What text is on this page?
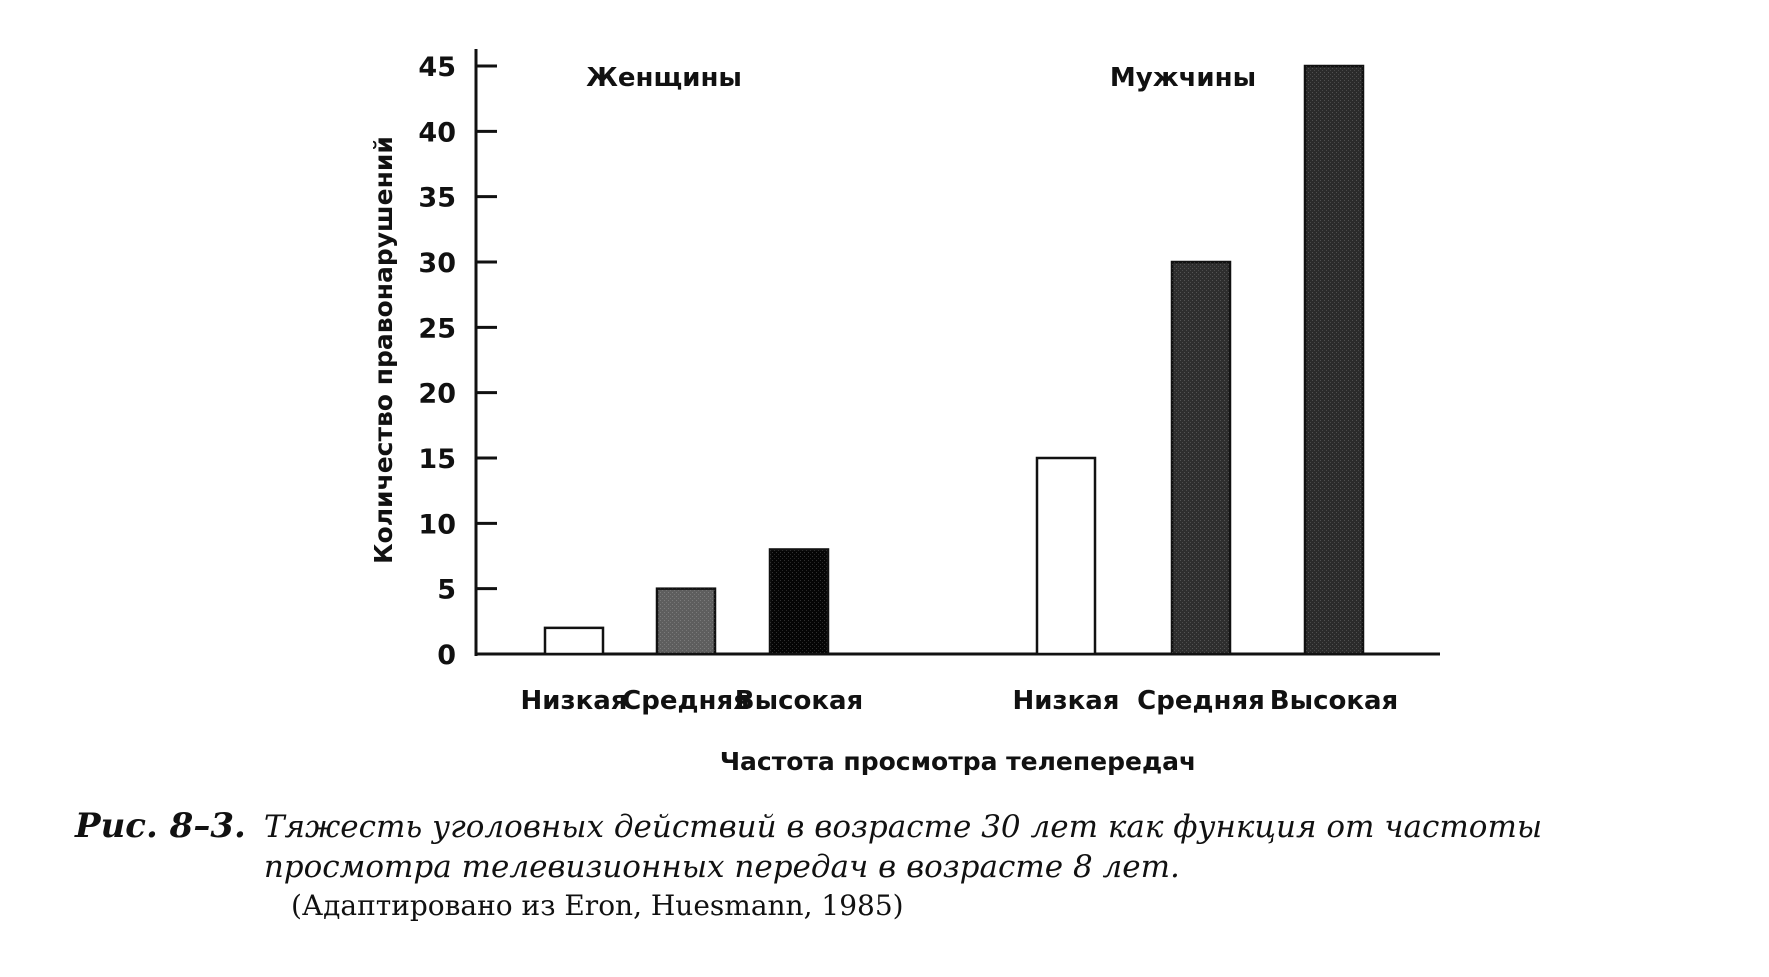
0
5
10
15
20
25
30
35
40
45
Низкая
Средняя
Высокая	Низкая Средняя Высокая
Женщины	Мужчины
Количество правонарушений
Частота просмотра телепередач
Рис. 8–3. Тяжесть уголовных действий в возрасте 30 лет как функция от частоты просмотра телевизионных передач в возрасте 8 лет.
(Адаптировано из Eron, Huesmann, 1985)
